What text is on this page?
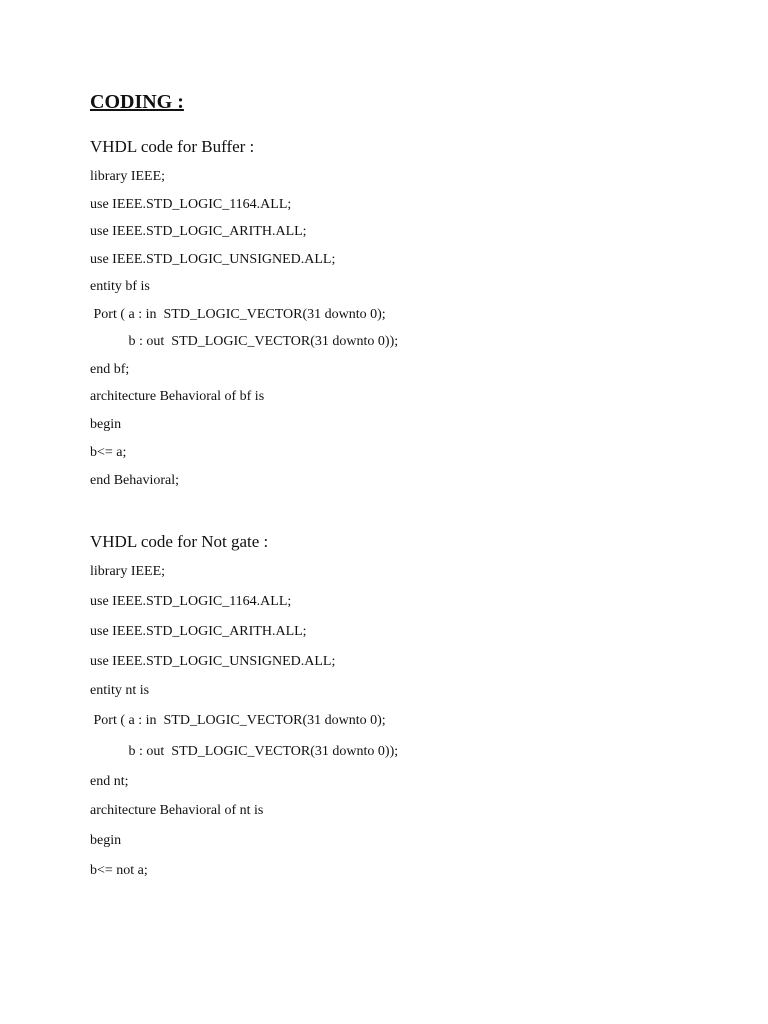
CODING :

VHDL code for Buffer :

library IEEE;

use IEEE.STD_LOGIC_1164.ALL;

use IEEE.STD_LOGIC_ARITH.ALL;

use IEEE.STD_LOGIC_UNSIGNED.ALL;

entity bf is

Port ( a : in  STD_LOGIC_VECTOR(31 downto 0);

b : out  STD_LOGIC_VECTOR(31 downto 0));

end bf;

architecture Behavioral of bf is

begin

b<= a;

end Behavioral;

VHDL code for Not gate :

library IEEE;

use IEEE.STD_LOGIC_1164.ALL;

use IEEE.STD_LOGIC_ARITH.ALL;

use IEEE.STD_LOGIC_UNSIGNED.ALL;

entity nt is

Port ( a : in  STD_LOGIC_VECTOR(31 downto 0);

b : out  STD_LOGIC_VECTOR(31 downto 0));

end nt;

architecture Behavioral of nt is

begin

b<= not a;
